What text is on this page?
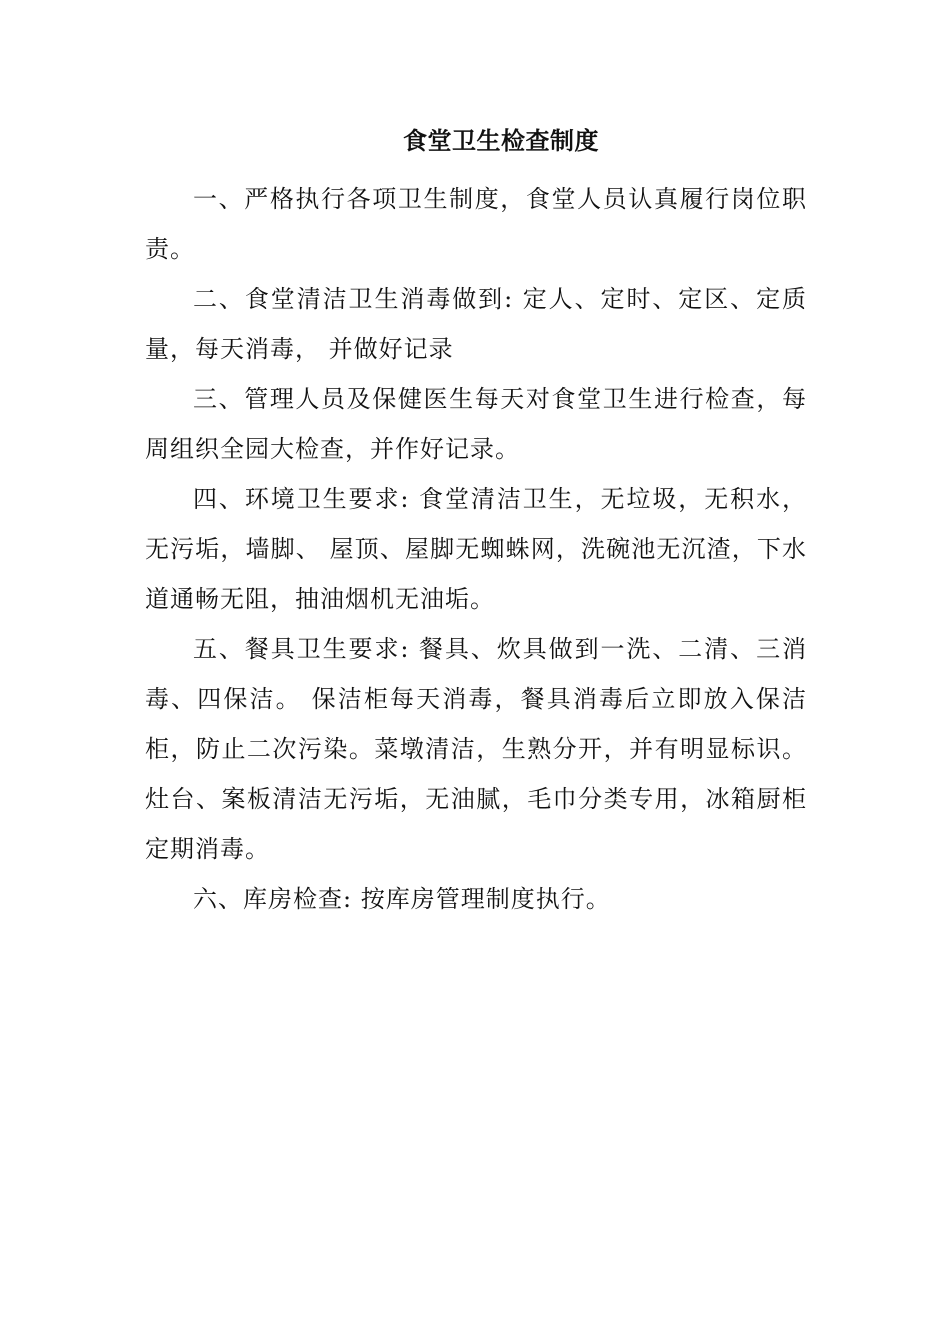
食堂卫生检查制度

一、严格执行各项卫生制度，食堂人员认真履行岗位职责。

二、食堂清洁卫生消毒做到: 定人、定时、定区、定质量，每天消毒， 并做好记录

三、管理人员及保健医生每天对食堂卫生进行检查，每周组织全园大检查，并作好记录。

四、环境卫生要求: 食堂清洁卫生，无垃圾，无积水，无污垢，墙脚、 屋顶、屋脚无蜘蛛网，洗碗池无沉渣，下水道通畅无阻，抽油烟机无油垢。

五、餐具卫生要求: 餐具、炊具做到一洗、二清、三消毒、四保洁。 保洁柜每天消毒，餐具消毒后立即放入保洁柜，防止二次污染。菜墩清洁，生熟分开，并有明显标识。灶台、案板清洁无污垢，无油腻，毛巾分类专用，冰箱厨柜定期消毒。

六、库房检查: 按库房管理制度执行。
